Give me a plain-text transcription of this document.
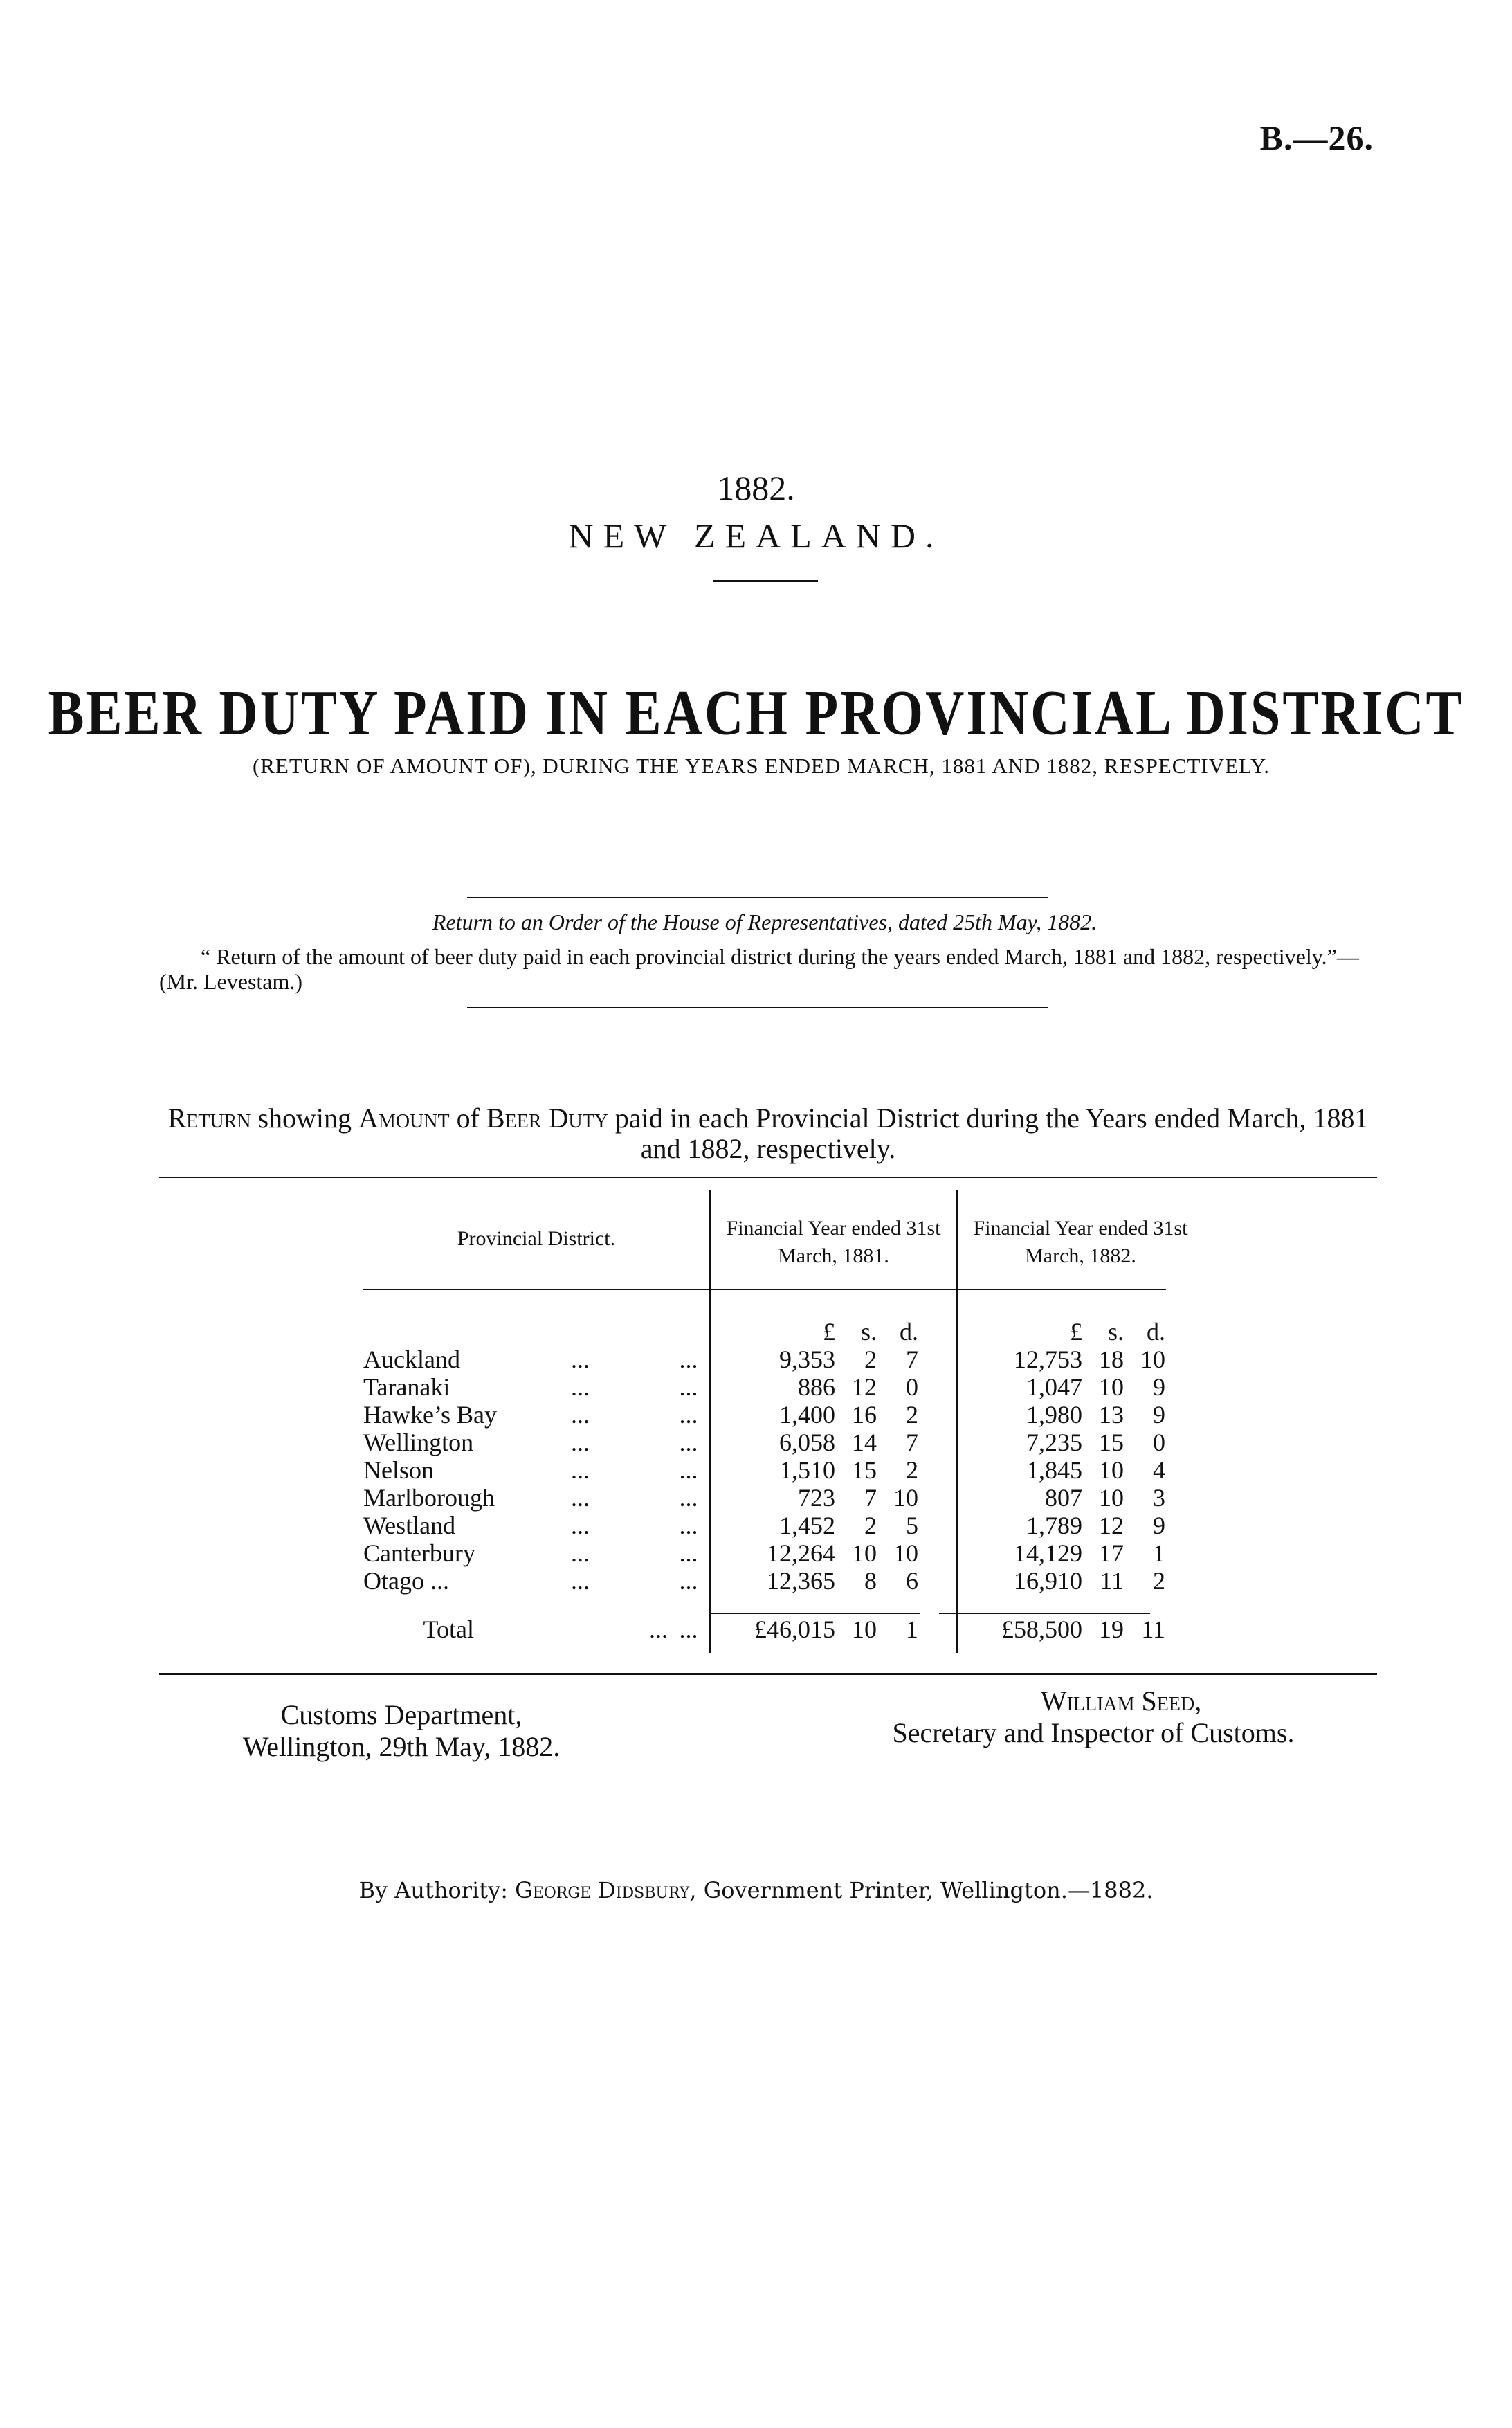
B.—26.
1882.
NEW ZEALAND.
BEER DUTY PAID IN EACH PROVINCIAL DISTRICT
(RETURN OF AMOUNT OF), DURING THE YEARS ENDED MARCH, 1881 AND 1882, RESPECTIVELY.
Return to an Order of the House of Representatives, dated 25th May, 1882.
“ Return of the amount of beer duty paid in each provincial district during the years ended March, 1881 and 1882, respectively.”—(Mr. Levestam.)
Return showing Amount of Beer Duty paid in each Provincial District during the Years ended March, 1881 and 1882, respectively.
Provincial District.		Financial Year ended 31st March, 1881.	Financial Year ended 31st March, 1882.

		£ s. d.	£ s. d.
Auckland ...	...	9,353 2 7	12,753 18 10
Taranaki ...	...	886 12 0	1,047 10 9
Hawke’s Bay ...	...	1,400 16 2	1,980 13 9
Wellington ...	...	6,058 14 7	7,235 15 0
Nelson ...	...	1,510 15 2	1,845 10 4
Marlborough ...	...	723 7 10	807 10 3
Westland ...	...	1,452 2 5	1,789 12 9
Canterbury ...	...	12,264 10 10	14,129 17 1
Otago ... ...	...	12,365 8 6	16,910 11 2
Total ...	...	£46,015 10 1	£58,500 19 11
Customs Department,
Wellington, 29th May, 1882.
William Seed,
Secretary and Inspector of Customs.
By Authority: George Didsbury, Government Printer, Wellington.—1882.
